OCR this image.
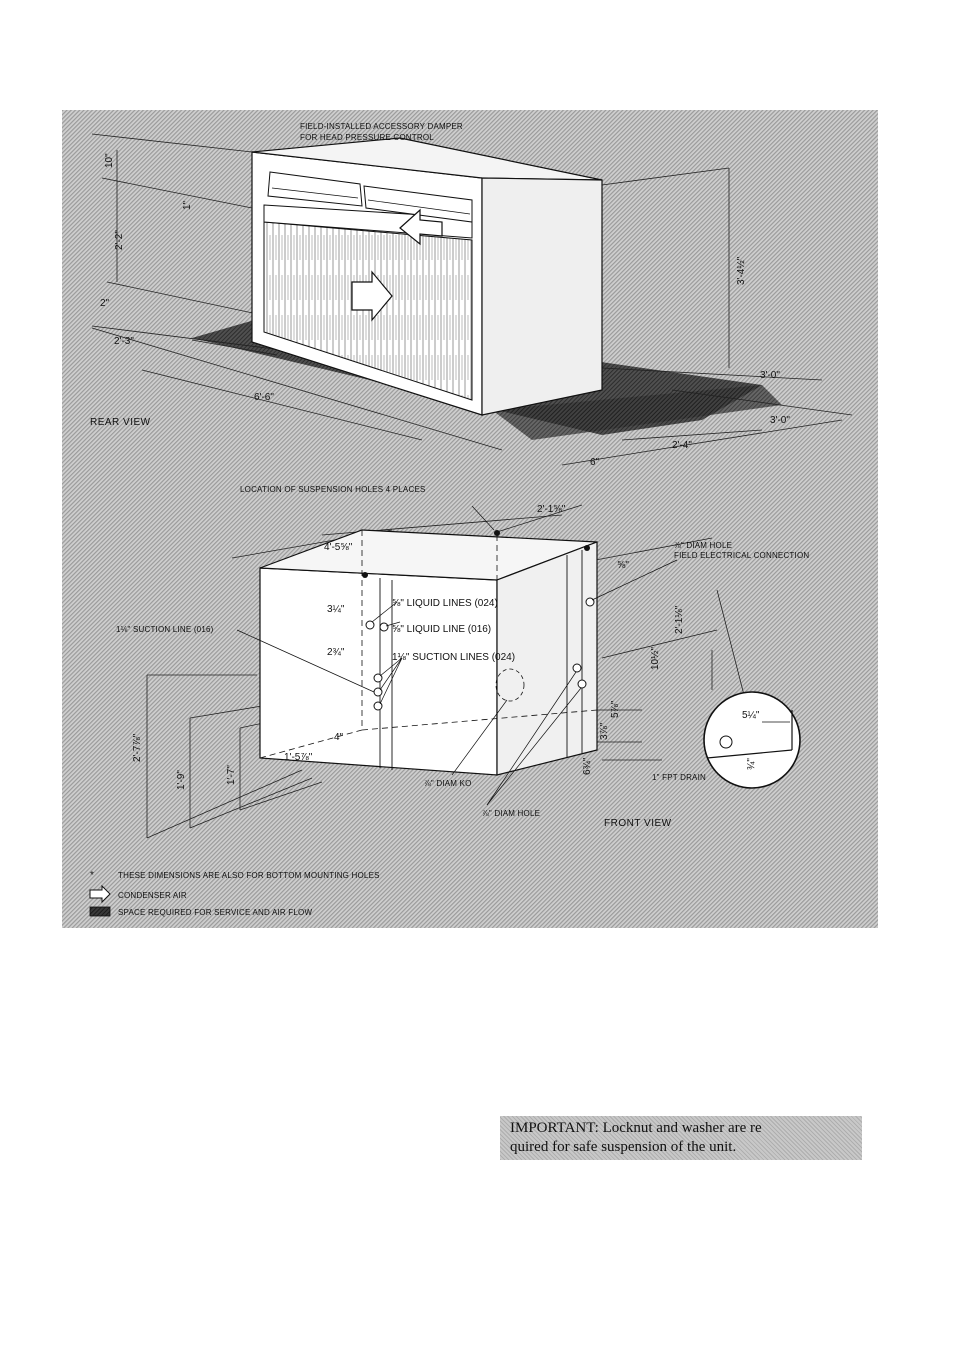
FIELD-INSTALLED ACCESSORY DAMPER
FOR HEAD PRESSURE CONTROL
REAR VIEW
10"
2'-2"
1"
2"
2'-3"
6'-6"
3'-4½"
3'-0"
3'-0"
2'-4"
6"
LOCATION OF SUSPENSION HOLES 4 PLACES
⅞" DIAM HOLE
FIELD ELECTRICAL CONNECTION
⅝" LIQUID LINES (024)
⅝" LIQUID LINE (016)
1⅛" SUCTION LINES (024)
1⅛" SUCTION LINE (016)
⅞" DIAM KO
⅞" DIAM HOLE
1" FPT DRAIN
FRONT VIEW
2'-1⅝"
4'-5⅝"
3¼"
2¾"
4"
1'-5⅞"
2'-7⅞"
1'-9"	1'-7"
⅝"
2'-1⅛"
10½"
5⅞"
3⅞"
6¾"
5¼"
¾"
*	THESE DIMENSIONS ARE ALSO FOR BOTTOM MOUNTING HOLES
CONDENSER AIR
SPACE REQUIRED FOR SERVICE AND AIR FLOW
IMPORTANT: Locknut and washer are re
quired for safe suspension of the unit.
